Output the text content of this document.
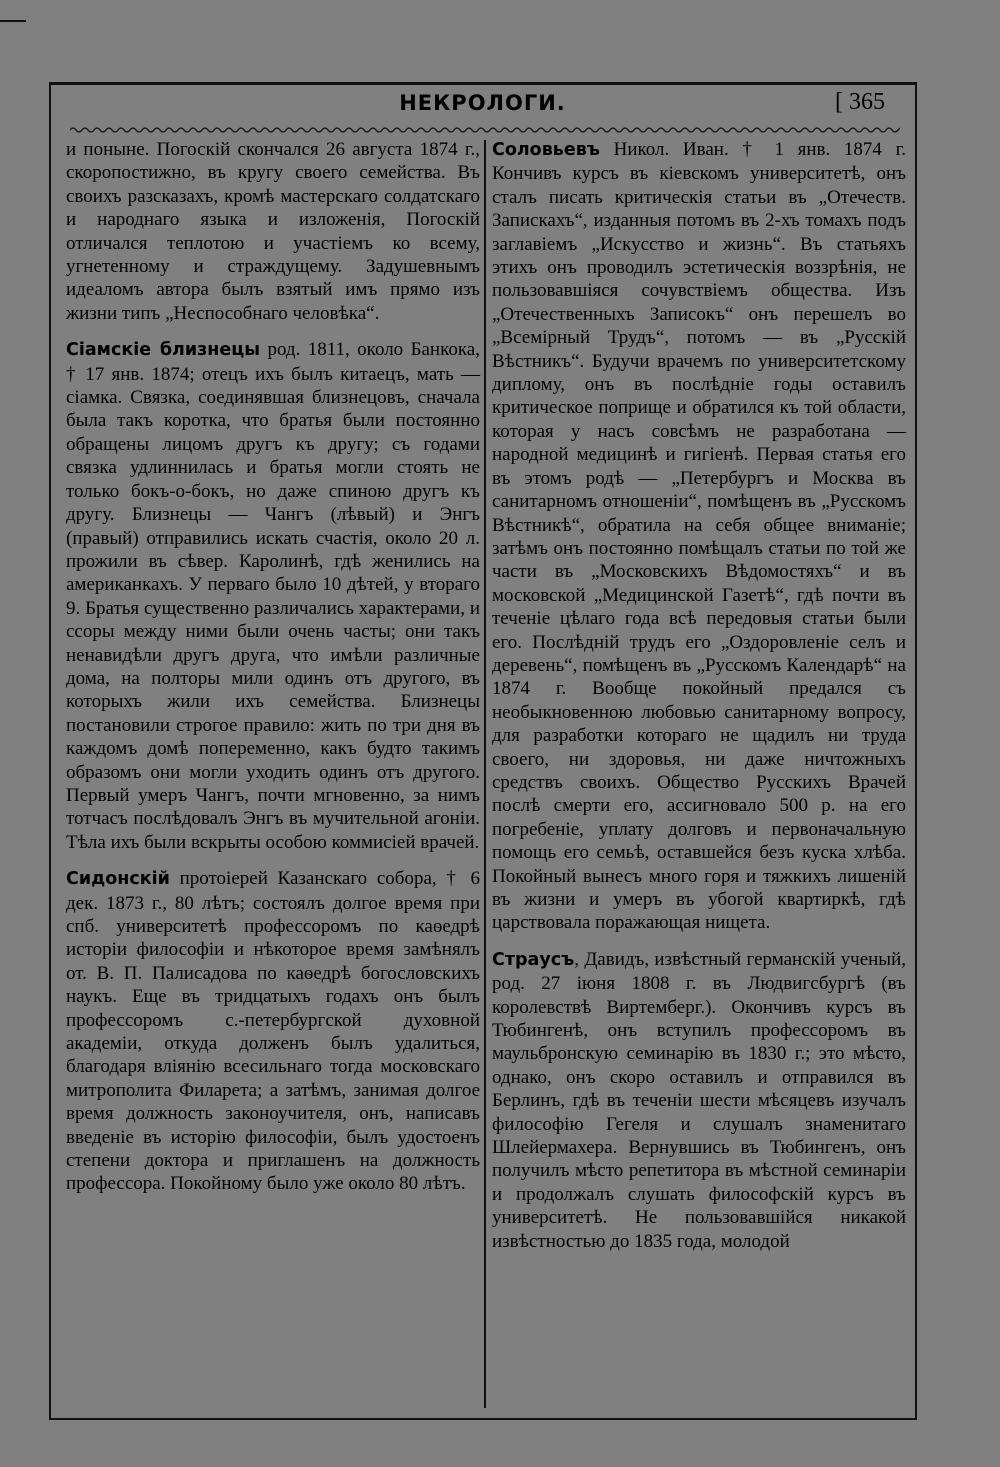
НЕКРОЛОГИ.	[ 365

и поныне. Погоскій скончался 26 августа 1874 г., скоропостижно, въ кругу своего семейства. Въ своихъ разсказахъ, кромѣ мастерскаго солдатскаго и народнаго языка и изложенія, Погоскій отличался теплотою и участіемъ ко всему, угнетенному и страждущему. Задушевнымъ идеаломъ автора былъ взятый имъ прямо изъ жизни типъ „Неспособнаго человѣка“.

Сіамскіе близнецы род. 1811, около Банкока, † 17 янв. 1874; отецъ ихъ былъ китаецъ, мать — сіамка. Связка, соединявшая близнецовъ, сначала была такъ коротка, что братья были постоянно обращены лицомъ другъ къ другу; съ годами связка удлиннилась и братья могли стоять не только бокъ-о-бокъ, но даже спиною другъ къ другу. Близнецы — Чангъ (лѣвый) и Энгъ (правый) отправились искать счастія, около 20 л. прожили въ сѣвер. Каролинѣ, гдѣ женились на американкахъ. У перваго было 10 дѣтей, у втораго 9. Братья существенно различались характерами, и ссоры между ними были очень часты; они такъ ненавидѣли другъ друга, что имѣли различные дома, на полторы мили одинъ отъ другого, въ которыхъ жили ихъ семейства. Близнецы постановили строгое правило: жить по три дня въ каждомъ домѣ попеременно, какъ будто такимъ образомъ они могли уходить одинъ отъ другого. Первый умеръ Чангъ, почти мгновенно, за нимъ тотчасъ послѣдовалъ Энгъ въ мучительной агоніи. Тѣла ихъ были вскрыты особою коммисіей врачей.

Сидонскій протоіерей Казанскаго собора, † 6 дек. 1873 г., 80 лѣтъ; состоялъ долгое время при спб. университетѣ профессоромъ по каѳедрѣ исторіи философіи и нѣкоторое время замѣнялъ от. В. П. Палисадова по каѳедрѣ богословскихъ наукъ. Еще въ тридцатыхъ годахъ онъ былъ профессоромъ с.-петербургской духовной академіи, откуда долженъ былъ удалиться, благодаря вліянію всесильнаго тогда московскаго митрополита Филарета; а затѣмъ, занимая долгое время должность законоучителя, онъ, написавъ введеніе въ исторію философіи, былъ удостоенъ степени доктора и приглашенъ на должность профессора. Покойному было уже около 80 лѣтъ.

Соловьевъ Никол. Иван. † 1 янв. 1874 г. Кончивъ курсъ въ кіевскомъ университетѣ, онъ сталъ писать критическія статьи въ „Отечеств. Запискахъ“, изданныя потомъ въ 2-хъ томахъ подъ заглавіемъ „Искусство и жизнь“. Въ статьяхъ этихъ онъ проводилъ эстетическія воззрѣнія, не пользовавшіяся сочувствіемъ общества. Изъ „Отечественныхъ Записокъ“ онъ перешелъ во „Всемірный Трудъ“, потомъ — въ „Русскій Вѣстникъ“. Будучи врачемъ по университетскому диплому, онъ въ послѣдніе годы оставилъ критическое поприще и обратился къ той области, которая у насъ совсѣмъ не разработана — народной медицинѣ и гигіенѣ. Первая статья его въ этомъ родѣ — „Петербургъ и Москва въ санитарномъ отношеніи“, помѣщенъ въ „Русскомъ Вѣстникѣ“, обратила на себя общее вниманіе; затѣмъ онъ постоянно помѣщалъ статьи по той же части въ „Московскихъ Вѣдомостяхъ“ и въ московской „Медицинской Газетѣ“, гдѣ почти въ теченіе цѣлаго года всѣ передовыя статьи были его. Послѣдній трудъ его „Оздоровленіе селъ и деревень“, помѣщенъ въ „Русскомъ Календарѣ“ на 1874 г. Вообще покойный предался съ необыкновенною любовью санитарному вопросу, для разработки котораго не щадилъ ни труда своего, ни здоровья, ни даже ничтожныхъ средствъ своихъ. Общество Русскихъ Врачей послѣ смерти его, ассигновало 500 р. на его погребеніе, уплату долговъ и первоначальную помощь его семьѣ, оставшейся безъ куска хлѣба. Покойный вынесъ много горя и тяжкихъ лишеній въ жизни и умеръ въ убогой квартиркѣ, гдѣ царствовала поражающая нищета.

Страусъ, Давидъ, извѣстный германскій ученый, род. 27 іюня 1808 г. въ Людвигсбургѣ (въ королевствѣ Виртемберг.). Окончивъ курсъ въ Тюбингенѣ, онъ вступилъ профессоромъ въ маульбронскую семинарію въ 1830 г.; это мѣсто, однако, онъ скоро оставилъ и отправился въ Берлинъ, гдѣ въ теченіи шести мѣсяцевъ изучалъ философію Гегеля и слушалъ знаменитаго Шлейермахера. Вернувшись въ Тюбингенъ, онъ получилъ мѣсто репетитора въ мѣстной семинаріи и продолжалъ слушать философскій курсъ въ университетѣ. Не пользовавшійся никакой извѣстностью до 1835 года, молодой
